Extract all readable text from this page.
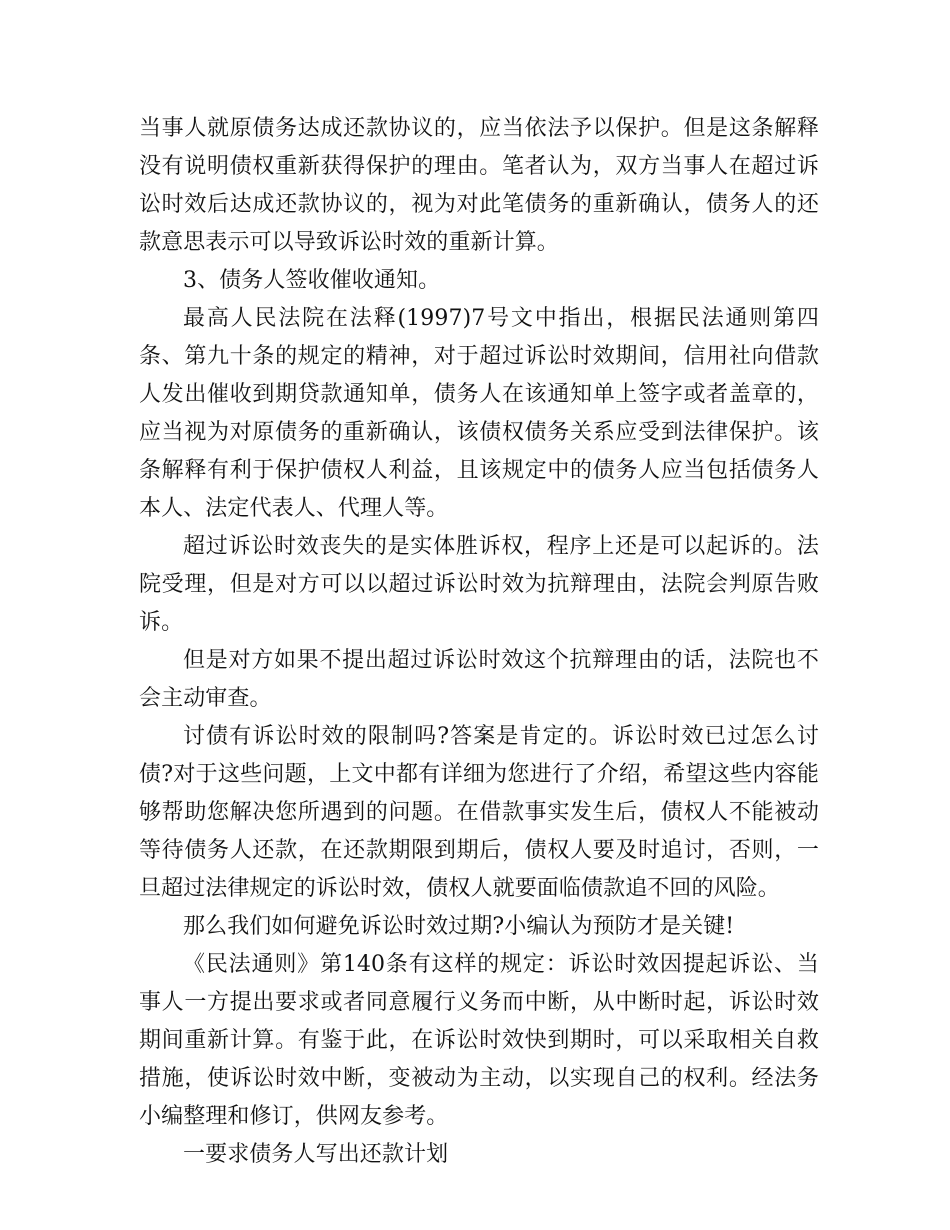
当事人就原债务达成还款协议的，应当依法予以保护。但是这条解释没有说明债权重新获得保护的理由。笔者认为，双方当事人在超过诉讼时效后达成还款协议的，视为对此笔债务的重新确认，债务人的还款意思表示可以导致诉讼时效的重新计算。

3、债务人签收催收通知。

最高人民法院在法释(1997)7号文中指出，根据民法通则第四条、第九十条的规定的精神，对于超过诉讼时效期间，信用社向借款人发出催收到期贷款通知单，债务人在该通知单上签字或者盖章的，应当视为对原债务的重新确认，该债权债务关系应受到法律保护。该条解释有利于保护债权人利益，且该规定中的债务人应当包括债务人本人、法定代表人、代理人等。

超过诉讼时效丧失的是实体胜诉权，程序上还是可以起诉的。法院受理，但是对方可以以超过诉讼时效为抗辩理由，法院会判原告败诉。

但是对方如果不提出超过诉讼时效这个抗辩理由的话，法院也不会主动审查。

讨债有诉讼时效的限制吗?答案是肯定的。诉讼时效已过怎么讨债?对于这些问题，上文中都有详细为您进行了介绍，希望这些内容能够帮助您解决您所遇到的问题。在借款事实发生后，债权人不能被动等待债务人还款，在还款期限到期后，债权人要及时追讨，否则，一旦超过法律规定的诉讼时效，债权人就要面临债款追不回的风险。

那么我们如何避免诉讼时效过期?小编认为预防才是关键!

《民法通则》第140条有这样的规定：诉讼时效因提起诉讼、当事人一方提出要求或者同意履行义务而中断，从中断时起，诉讼时效期间重新计算。有鉴于此，在诉讼时效快到期时，可以采取相关自救措施，使诉讼时效中断，变被动为主动，以实现自己的权利。经法务小编整理和修订，供网友参考。

一要求债务人写出还款计划
